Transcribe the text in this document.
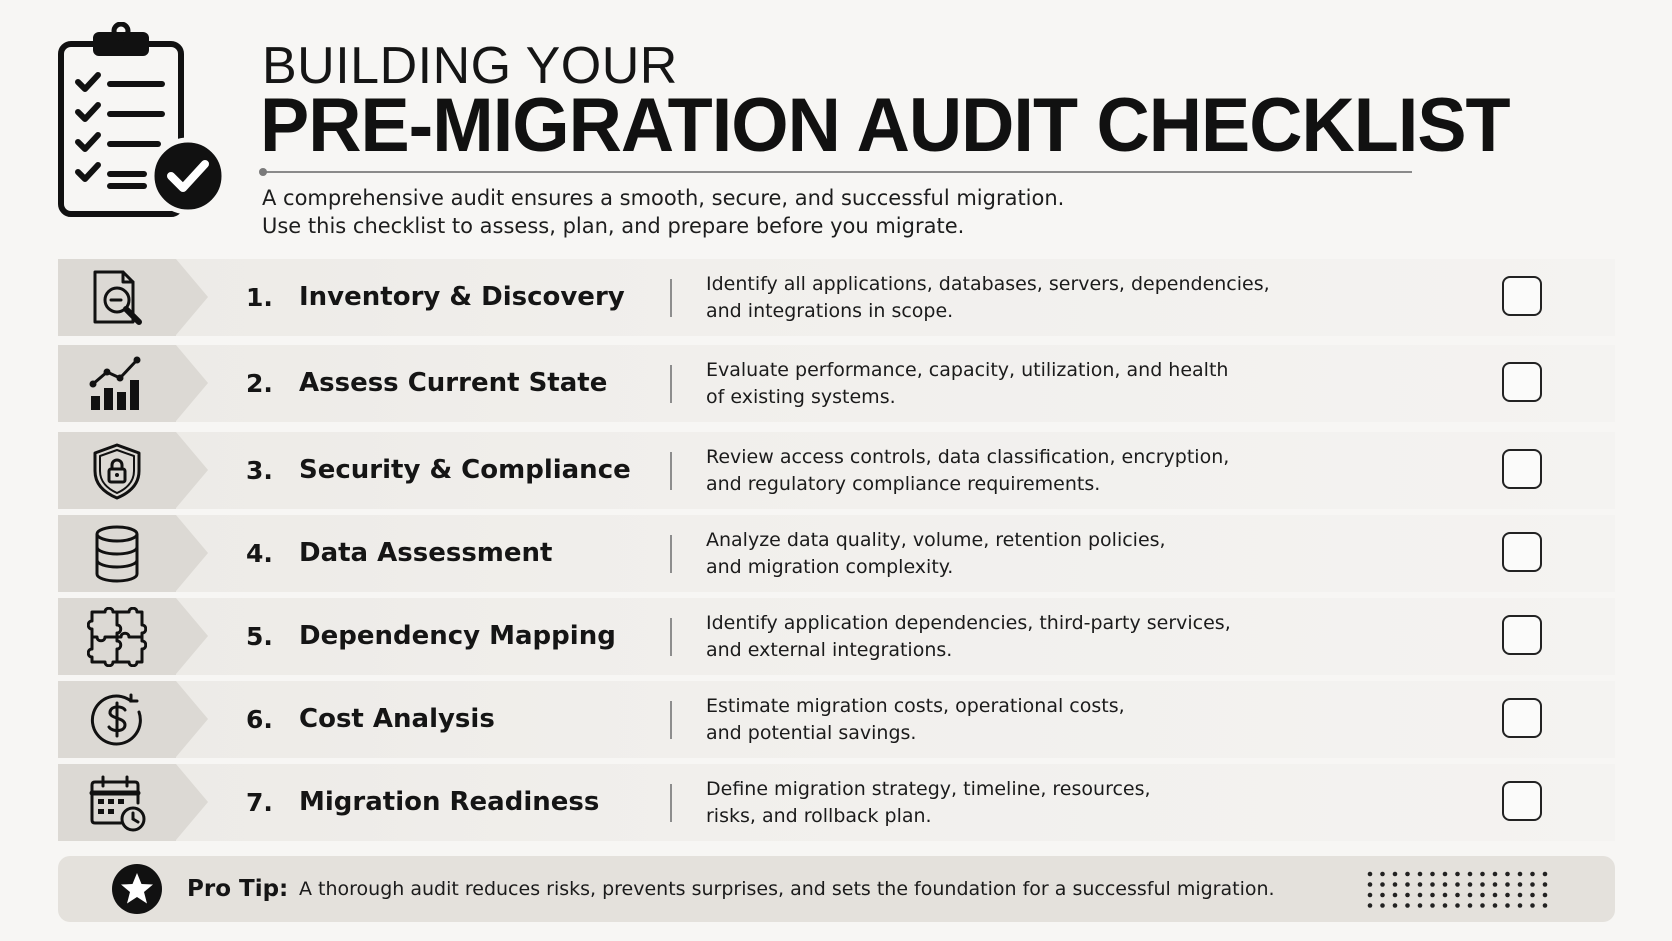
BUILDING YOUR
PRE-MIGRATION AUDIT CHECKLIST
A comprehensive audit ensures a smooth, secure, and successful migration.
Use this checklist to assess, plan, and prepare before you migrate.
1. Inventory & Discovery	Identify all applications, databases, servers, dependencies,
and integrations in scope.
2. Assess Current State	Evaluate performance, capacity, utilization, and health
of existing systems.
3. Security & Compliance	Review access controls, data classification, encryption,
and regulatory compliance requirements.
4. Data Assessment	Analyze data quality, volume, retention policies,
and migration complexity.
5. Dependency Mapping	Identify application dependencies, third-party services,
and external integrations.
6. Cost Analysis	Estimate migration costs, operational costs,
and potential savings.
7. Migration Readiness	Define migration strategy, timeline, resources,
risks, and rollback plan.
Pro Tip: A thorough audit reduces risks, prevents surprises, and sets the foundation for a successful migration.
